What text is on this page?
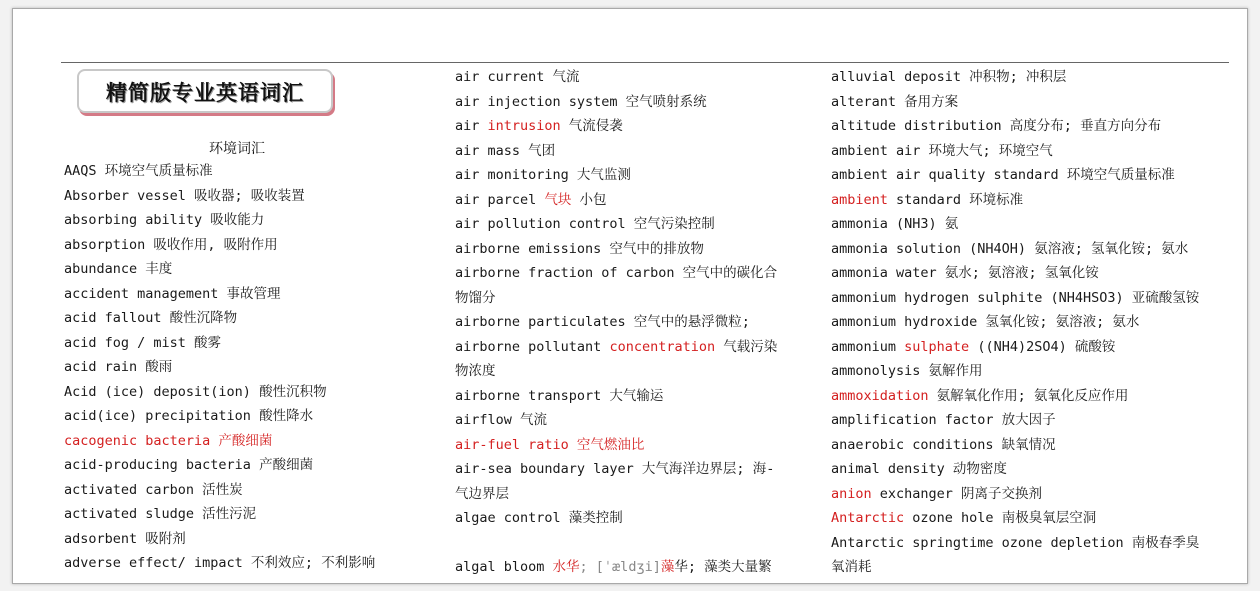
精简版专业英语词汇
环境词汇
AAQS 环境空气质量标准
Absorber vessel 吸收器; 吸收装置
absorbing ability 吸收能力
absorption 吸收作用, 吸附作用
abundance 丰度
accident management 事故管理
acid fallout 酸性沉降物
acid fog / mist 酸雾
acid rain 酸雨
Acid (ice) deposit(ion) 酸性沉积物
acid(ice) precipitation 酸性降水
cacogenic bacteria 产酸细菌
acid-producing bacteria 产酸细菌
activated carbon 活性炭
activated sludge 活性污泥
adsorbent 吸附剂
adverse effect/ impact 不利效应; 不利影响
air current 气流
air injection system 空气喷射系统
air intrusion 气流侵袭
air mass 气团
air monitoring 大气监测
air parcel 气块 小包
air pollution control 空气污染控制
airborne emissions 空气中的排放物
airborne fraction of carbon 空气中的碳化合
物馏分
airborne particulates 空气中的悬浮微粒;
airborne pollutant concentration 气载污染
物浓度
airborne transport 大气输运
airflow 气流
air-fuel ratio 空气燃油比
air-sea boundary layer 大气海洋边界层; 海-
气边界层
algae control 藻类控制
algal bloom 水华; [ˈældʒi]藻华; 藻类大量繁
alluvial deposit 冲积物; 冲积层
alterant 备用方案
altitude distribution 高度分布; 垂直方向分布
ambient air 环境大气; 环境空气
ambient air quality standard 环境空气质量标准
ambient standard 环境标准
ammonia (NH3) 氨
ammonia solution (NH4OH) 氨溶液; 氢氧化铵; 氨水
ammonia water 氨水; 氨溶液; 氢氧化铵
ammonium hydrogen sulphite (NH4HSO3) 亚硫酸氢铵
ammonium hydroxide 氢氧化铵; 氨溶液; 氨水
ammonium sulphate ((NH4)2SO4) 硫酸铵
ammonolysis 氨解作用
ammoxidation 氨解氧化作用; 氨氧化反应作用
amplification factor 放大因子
anaerobic conditions 缺氧情况
animal density 动物密度
anion exchanger 阴离子交换剂
Antarctic ozone hole 南极臭氧层空洞
Antarctic springtime ozone depletion 南极春季臭
氧消耗
